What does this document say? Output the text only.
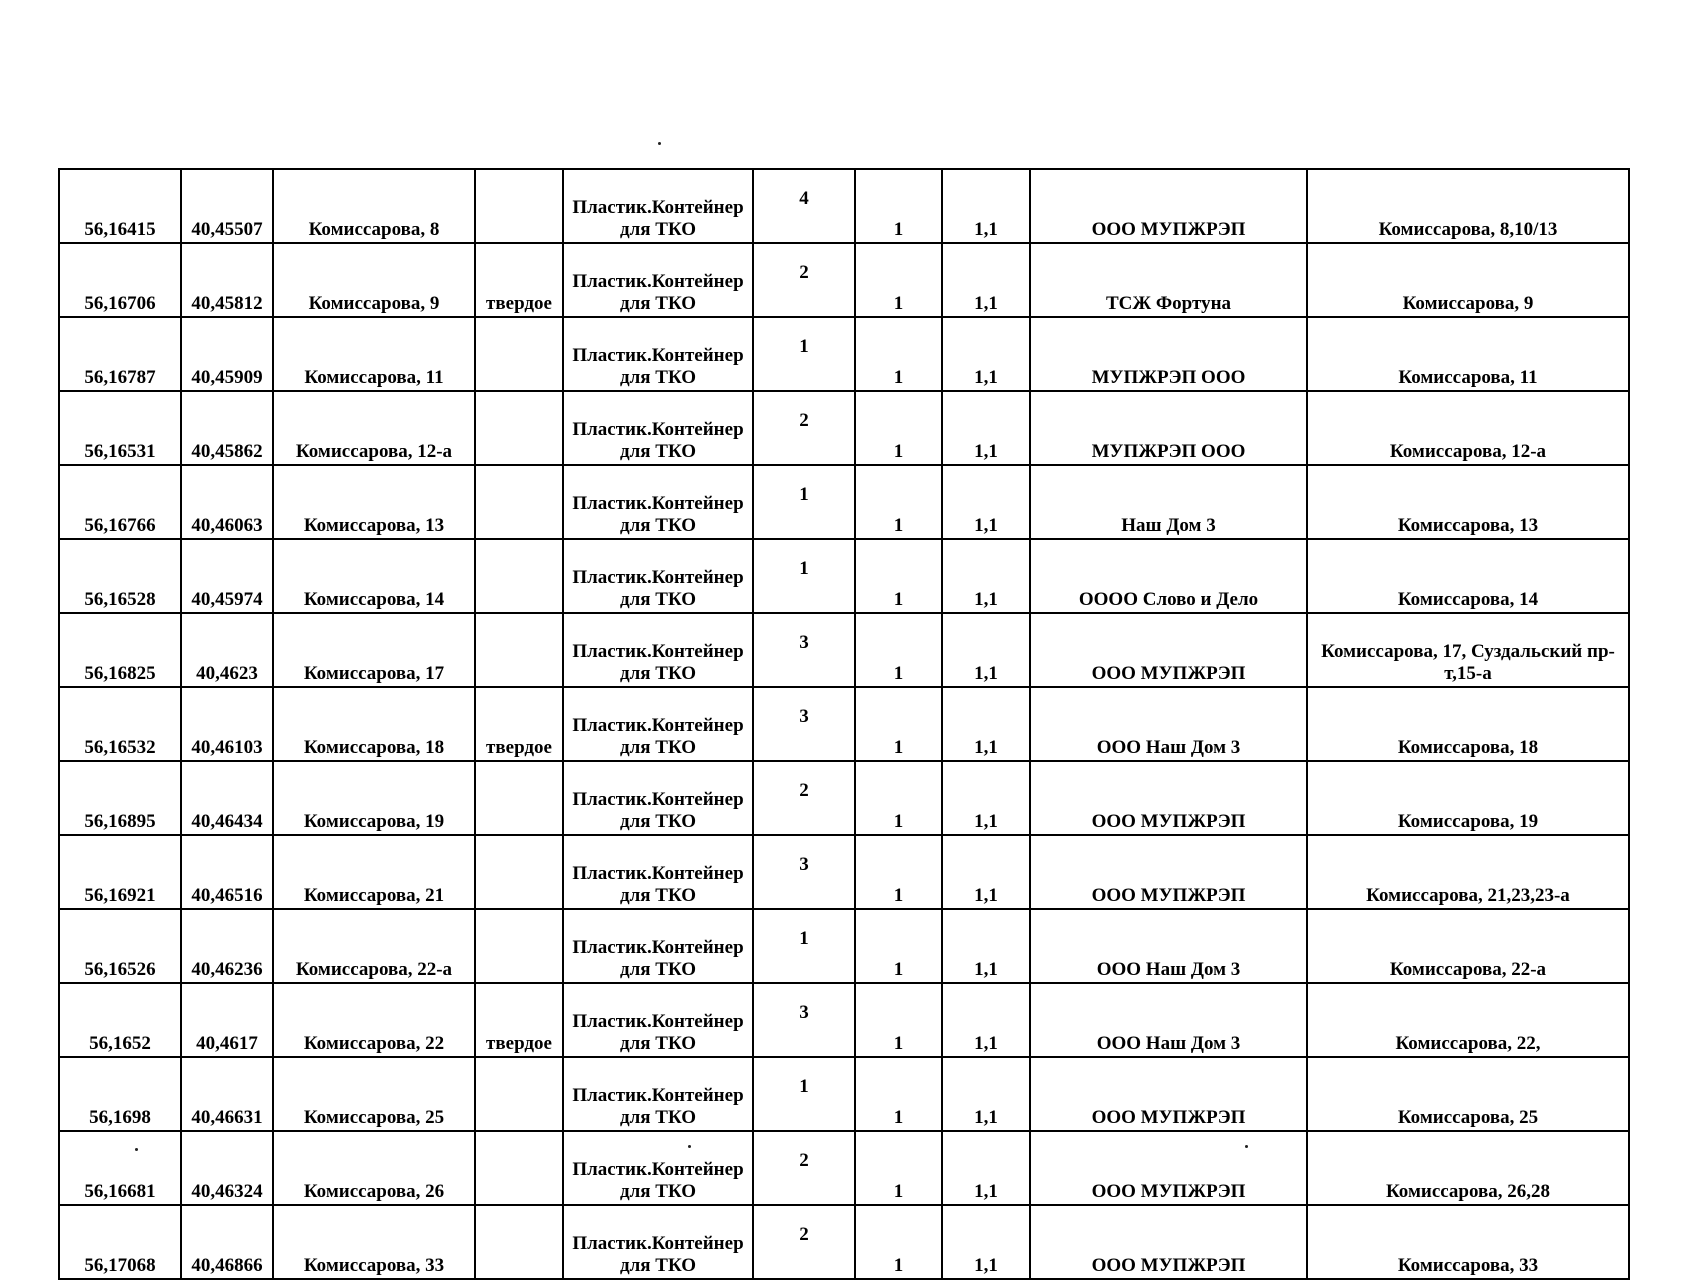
56,16415	40,45507	Комиссарова, 8		Пластик.Контейнер для ТКО	4	1	1,1	ООО МУПЖРЭП	Комиссарова, 8,10/13
56,16706	40,45812	Комиссарова, 9	твердое	Пластик.Контейнер для ТКО	2	1	1,1	ТСЖ Фортуна	Комиссарова, 9
56,16787	40,45909	Комиссарова, 11		Пластик.Контейнер для ТКО	1	1	1,1	МУПЖРЭП ООО	Комиссарова, 11
56,16531	40,45862	Комиссарова, 12-а		Пластик.Контейнер для ТКО	2	1	1,1	МУПЖРЭП ООО	Комиссарова, 12-а
56,16766	40,46063	Комиссарова, 13		Пластик.Контейнер для ТКО	1	1	1,1	Наш Дом 3	Комиссарова, 13
56,16528	40,45974	Комиссарова, 14		Пластик.Контейнер для ТКО	1	1	1,1	ОООО Слово и Дело	Комиссарова, 14
56,16825	40,4623	Комиссарова, 17		Пластик.Контейнер для ТКО	3	1	1,1	ООО МУПЖРЭП	Комиссарова, 17, Суздальский пр-т,15-а
56,16532	40,46103	Комиссарова, 18	твердое	Пластик.Контейнер для ТКО	3	1	1,1	ООО Наш Дом 3	Комиссарова, 18
56,16895	40,46434	Комиссарова, 19		Пластик.Контейнер для ТКО	2	1	1,1	ООО МУПЖРЭП	Комиссарова, 19
56,16921	40,46516	Комиссарова, 21		Пластик.Контейнер для ТКО	3	1	1,1	ООО МУПЖРЭП	Комиссарова, 21,23,23-а
56,16526	40,46236	Комиссарова, 22-а		Пластик.Контейнер для ТКО	1	1	1,1	ООО Наш Дом 3	Комиссарова, 22-а
56,1652	40,4617	Комиссарова, 22	твердое	Пластик.Контейнер для ТКО	3	1	1,1	ООО Наш Дом 3	Комиссарова, 22,
56,1698	40,46631	Комиссарова, 25		Пластик.Контейнер для ТКО	1	1	1,1	ООО МУПЖРЭП	Комиссарова, 25
56,16681	40,46324	Комиссарова, 26		Пластик.Контейнер для ТКО	2	1	1,1	ООО МУПЖРЭП	Комиссарова, 26,28
56,17068	40,46866	Комиссарова, 33		Пластик.Контейнер для ТКО	2	1	1,1	ООО МУПЖРЭП	Комиссарова, 33
